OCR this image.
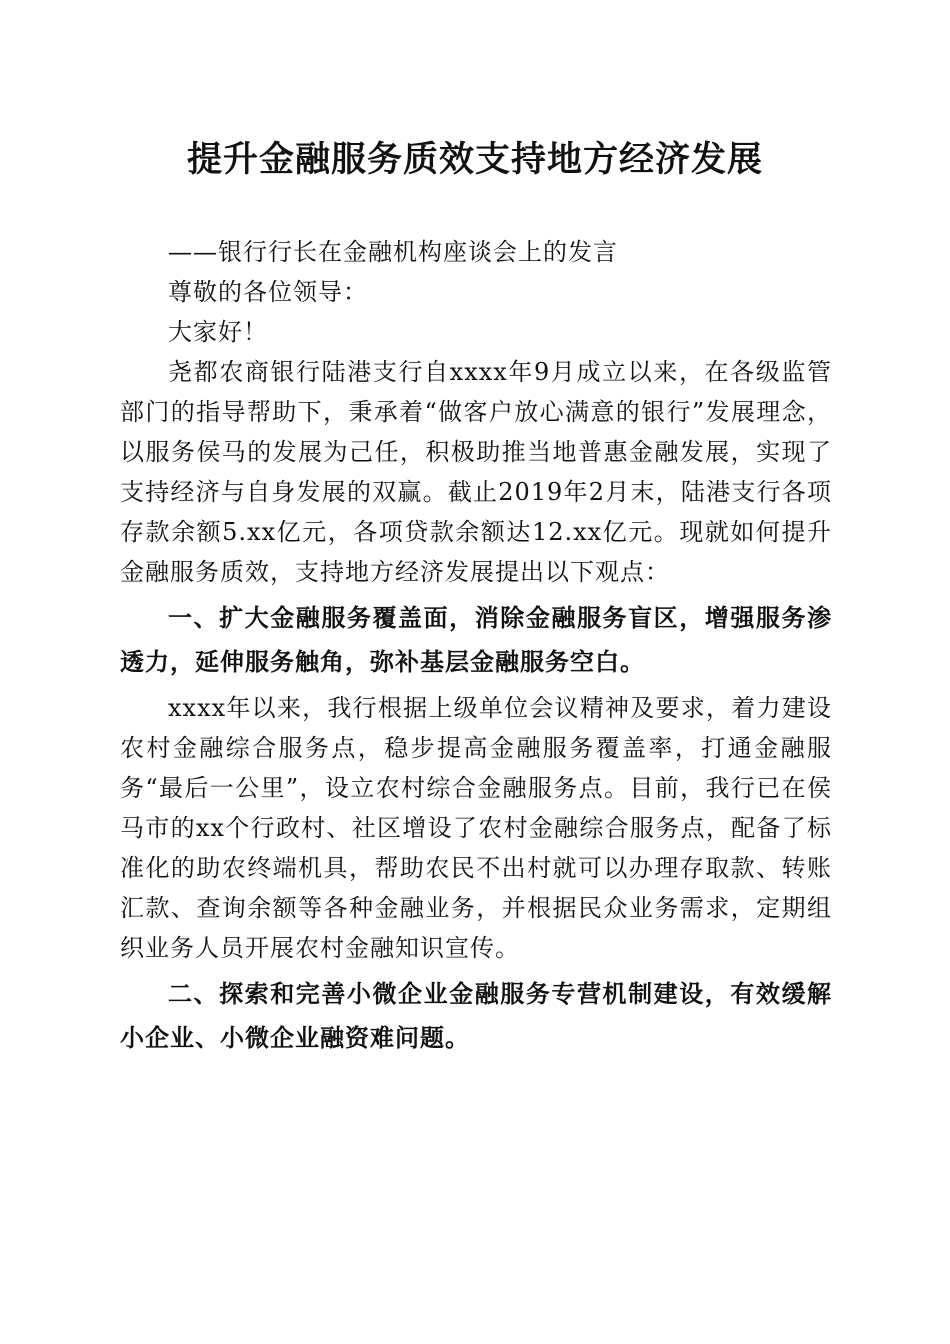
提升金融服务质效支持地方经济发展

——银行行长在金融机构座谈会上的发言

尊敬的各位领导：

大家好！

尧都农商银行陆港支行自xxxx年9月成立以来，在各级监管部门的指导帮助下，秉承着“做客户放心满意的银行”发展理念，以服务侯马的发展为己任，积极助推当地普惠金融发展，实现了支持经济与自身发展的双赢。截止2019年2月末，陆港支行各项存款余额5.xx亿元，各项贷款余额达12.xx亿元。现就如何提升金融服务质效，支持地方经济发展提出以下观点：

一、扩大金融服务覆盖面，消除金融服务盲区，增强服务渗透力，延伸服务触角，弥补基层金融服务空白。

xxxx年以来，我行根据上级单位会议精神及要求，着力建设农村金融综合服务点，稳步提高金融服务覆盖率，打通金融服务“最后一公里”，设立农村综合金融服务点。目前，我行已在侯马市的xx个行政村、社区增设了农村金融综合服务点，配备了标准化的助农终端机具，帮助农民不出村就可以办理存取款、转账汇款、查询余额等各种金融业务，并根据民众业务需求，定期组织业务人员开展农村金融知识宣传。

二、探索和完善小微企业金融服务专营机制建设，有效缓解小企业、小微企业融资难问题。
